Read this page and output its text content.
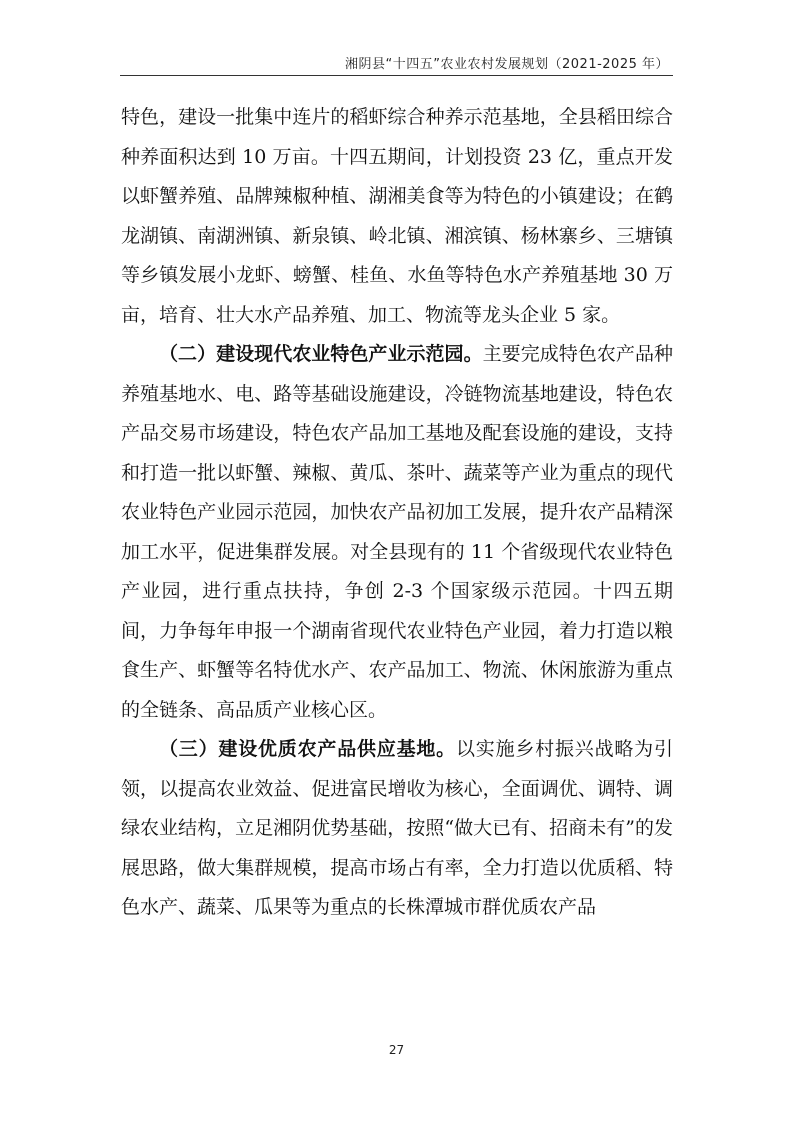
湘阴县“十四五”农业农村发展规划（2021-2025 年）

特色，建设一批集中连片的稻虾综合种养示范基地，全县稻田综合种养面积达到 10 万亩。十四五期间，计划投资 23 亿，重点开发以虾蟹养殖、品牌辣椒种植、湖湘美食等为特色的小镇建设；在鹤龙湖镇、南湖洲镇、新泉镇、岭北镇、湘滨镇、杨林寨乡、三塘镇等乡镇发展小龙虾、螃蟹、桂鱼、水鱼等特色水产养殖基地 30 万亩，培育、壮大水产品养殖、加工、物流等龙头企业 5 家。

（二）建设现代农业特色产业示范园。主要完成特色农产品种养殖基地水、电、路等基础设施建设，冷链物流基地建设，特色农产品交易市场建设，特色农产品加工基地及配套设施的建设，支持和打造一批以虾蟹、辣椒、黄瓜、茶叶、蔬菜等产业为重点的现代农业特色产业园示范园，加快农产品初加工发展，提升农产品精深加工水平，促进集群发展。对全县现有的 11 个省级现代农业特色产业园，进行重点扶持，争创 2-3 个国家级示范园。十四五期间，力争每年申报一个湖南省现代农业特色产业园，着力打造以粮食生产、虾蟹等名特优水产、农产品加工、物流、休闲旅游为重点的全链条、高品质产业核心区。

（三）建设优质农产品供应基地。以实施乡村振兴战略为引领，以提高农业效益、促进富民增收为核心，全面调优、调特、调绿农业结构，立足湘阴优势基础，按照“做大已有、招商未有”的发展思路，做大集群规模，提高市场占有率，全力打造以优质稻、特色水产、蔬菜、瓜果等为重点的长株潭城市群优质农产品

27
